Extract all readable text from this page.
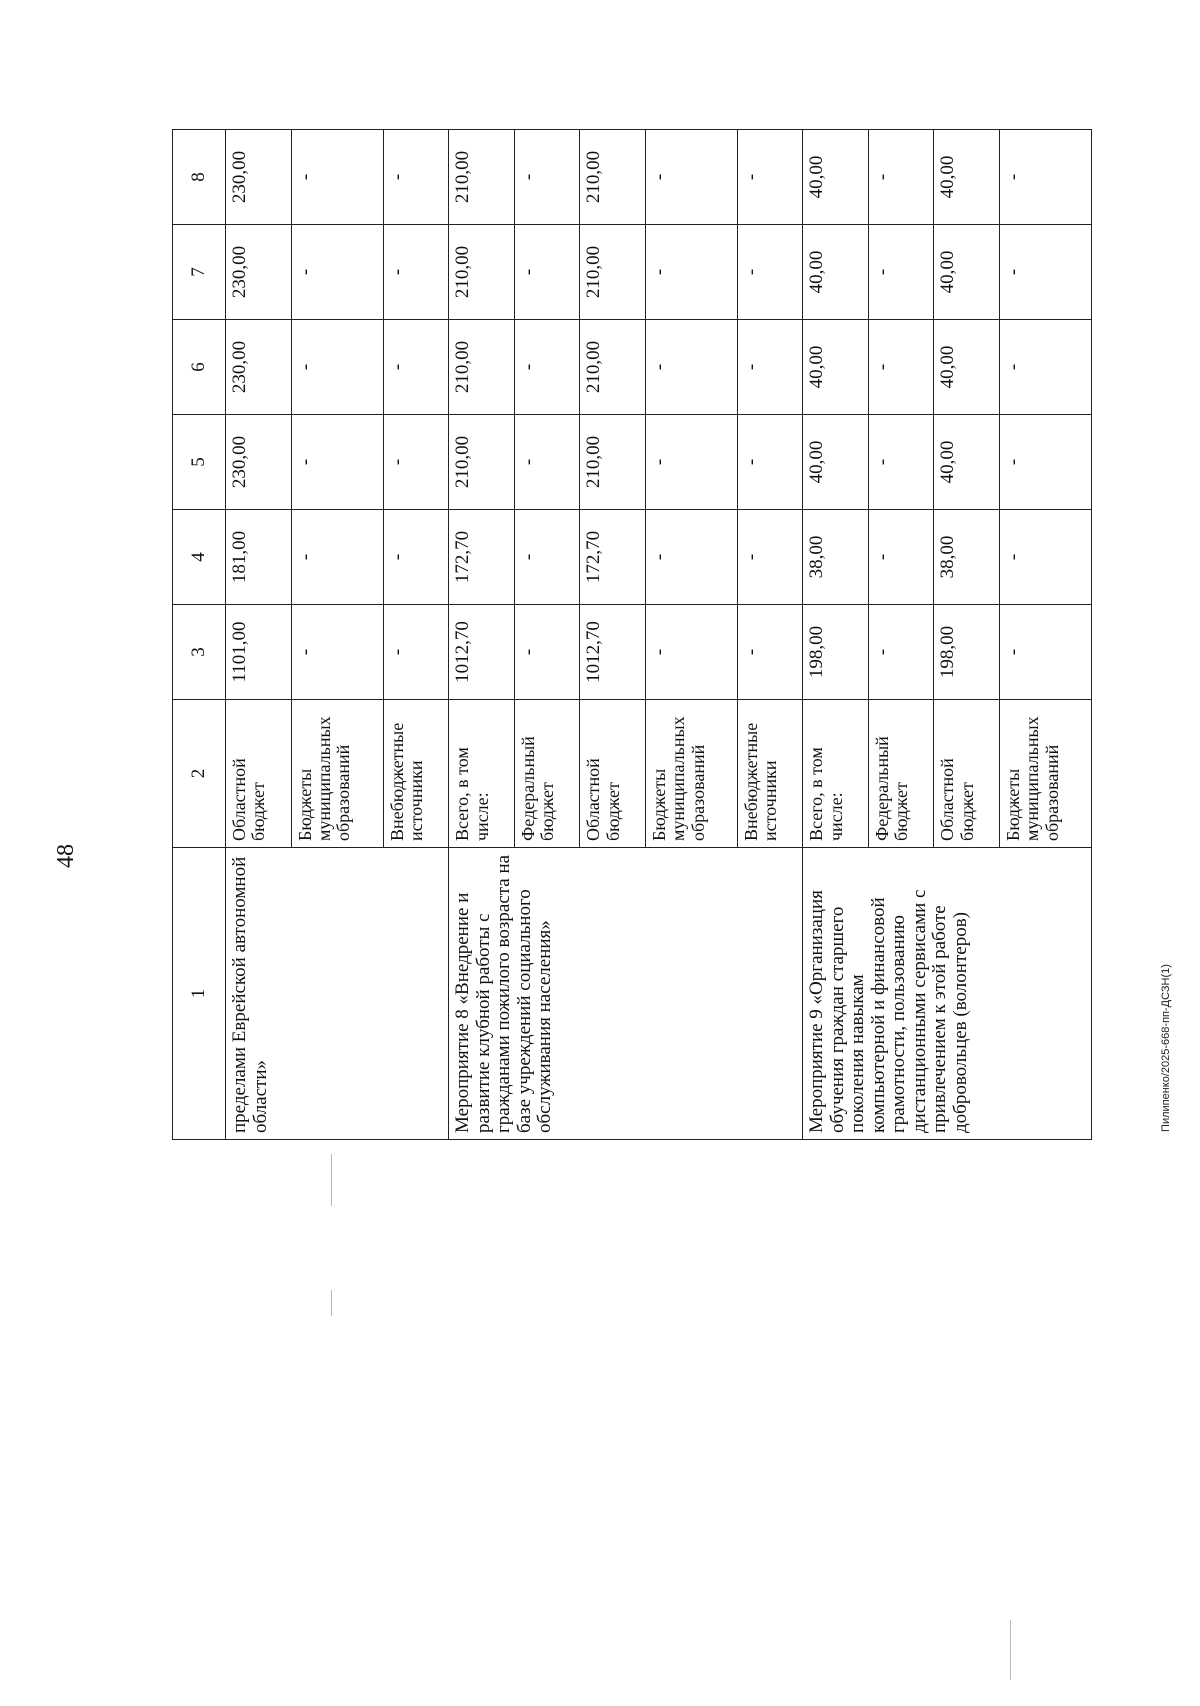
48
1	2	3	4	5	6	7	8
пределами Еврейской автономной области»	Областной бюджет	1101,00	181,00	230,00	230,00	230,00	230,00
	Бюджеты муниципальных образований	-	-	-	-	-	-
	Внебюджетные источники	-	-	-	-	-	-
Мероприятие 8 «Внедрение и развитие клубной работы с гражданами пожилого возраста на базе учреждений социального обслуживания населения»	Всего, в том числе:	1012,70	172,70	210,00	210,00	210,00	210,00
	Федеральный бюджет	-	-	-	-	-	-
	Областной бюджет	1012,70	172,70	210,00	210,00	210,00	210,00
	Бюджеты муниципальных образований	-	-	-	-	-	-
	Внебюджетные источники	-	-	-	-	-	-
Мероприятие 9 «Организация обучения граждан старшего поколения навыкам компьютерной и финансовой грамотности, пользованию дистанционными сервисами с привлечением к этой работе добровольцев (волонтеров)	Всего, в том числе:	198,00	38,00	40,00	40,00	40,00	40,00
	Федеральный бюджет	-	-	-	-	-	-
	Областной бюджет	198,00	38,00	40,00	40,00	40,00	40,00
	Бюджеты муниципальных образований	-	-	-	-	-	-
Пилипенко/2025-668-пп-ДСЗН(1)
